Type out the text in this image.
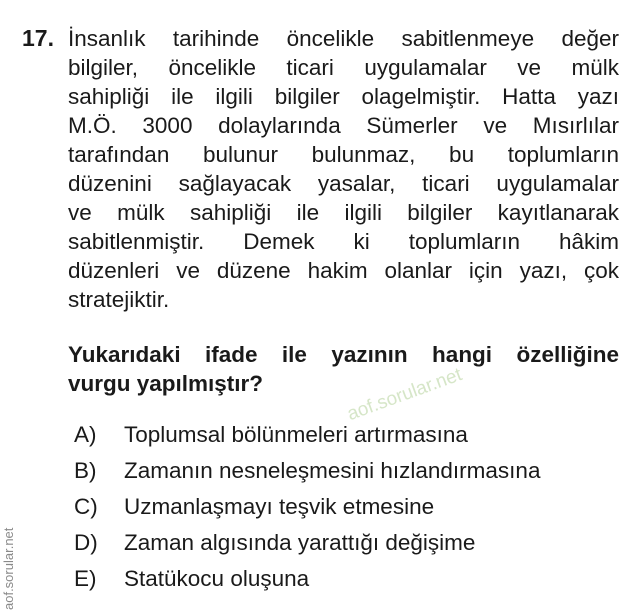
17. İnsanlık tarihinde öncelikle sabitlenmeye değer
bilgiler, öncelikle ticari uygulamalar ve mülk
sahipliği ile ilgili bilgiler olagelmiştir. Hatta yazı
M.Ö. 3000 dolaylarında Sümerler ve Mısırlılar
tarafından bulunur bulunmaz, bu toplumların
düzenini sağlayacak yasalar, ticari uygulamalar
ve mülk sahipliği ile ilgili bilgiler kayıtlanarak
sabitlenmiştir. Demek ki toplumların hâkim
düzenleri ve düzene hakim olanlar için yazı, çok
stratejiktir.
Yukarıdaki ifade ile yazının hangi özelliğine
vurgu yapılmıştır?	aof.sorular.net
A) Toplumsal bölünmeleri artırmasına
B) Zamanın nesneleşmesini hızlandırmasına
C) Uzmanlaşmayı teşvik etmesine
D) Zaman algısında yarattığı değişime
E) Statükocu oluşuna
aof.sorular.net
